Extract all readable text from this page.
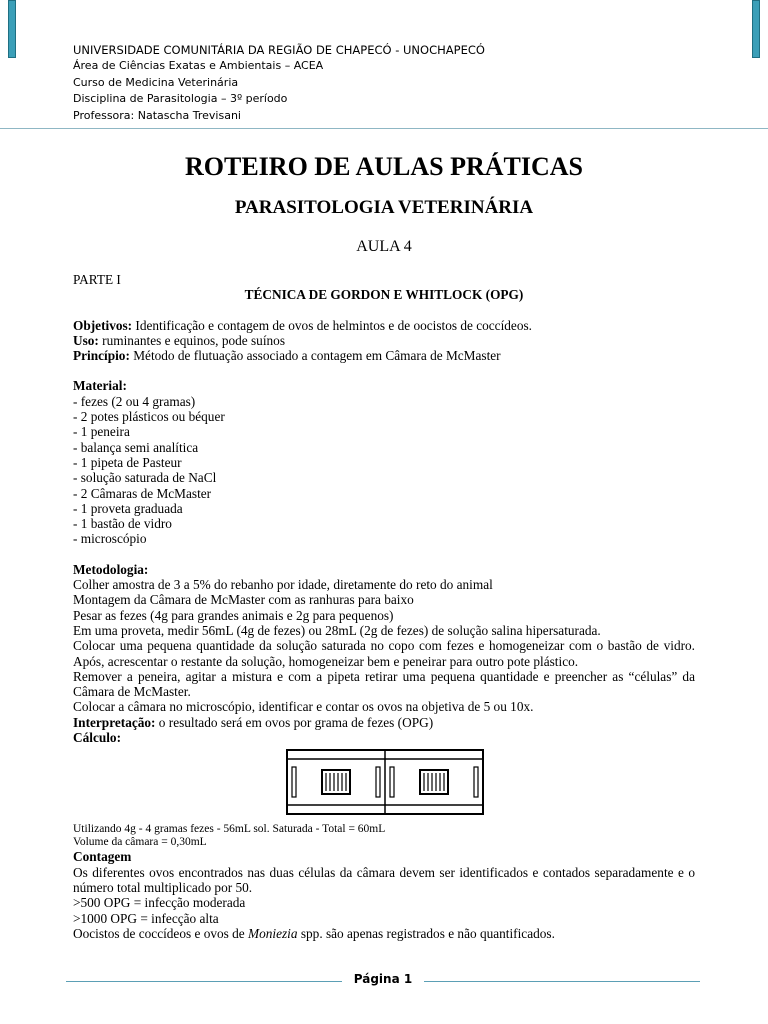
UNIVERSIDADE COMUNITÁRIA DA REGIÃO DE CHAPECÓ - UNOCHAPECÓ
Área de Ciências Exatas e Ambientais – ACEA
Curso de Medicina Veterinária
Disciplina de Parasitologia – 3º período
Professora: Natascha Trevisani
ROTEIRO DE AULAS PRÁTICAS
PARASITOLOGIA VETERINÁRIA
AULA 4

PARTE I

TÉCNICA DE GORDON E WHITLOCK (OPG)

Objetivos: Identificação e contagem de ovos de helmintos e de oocistos de coccídeos.

Uso: ruminantes e equinos, pode suínos

Princípio: Método de flutuação associado a contagem em Câmara de McMaster

Material:

- fezes (2 ou 4 gramas)

- 2 potes plásticos ou béquer

- 1 peneira

- balança semi analítica

- 1 pipeta de Pasteur

- solução saturada de NaCl

- 2 Câmaras de McMaster

- 1 proveta graduada

- 1 bastão de vidro

- microscópio

Metodologia:

Colher amostra de 3 a 5% do rebanho por idade, diretamente do reto do animal

Montagem da Câmara de McMaster com as ranhuras para baixo

Pesar as fezes (4g para grandes animais e 2g para pequenos)

Em uma proveta, medir 56mL (4g de fezes) ou 28mL (2g de fezes) de solução salina hipersaturada.

Colocar uma pequena quantidade da solução saturada no copo com fezes e homogeneizar com o bastão de vidro. Após, acrescentar o restante da solução, homogeneizar bem e peneirar para outro pote plástico.

Remover a peneira, agitar a mistura e com a pipeta retirar uma pequena quantidade e preencher as “células” da Câmara de McMaster.

Colocar a câmara no microscópio, identificar e contar os ovos na objetiva de 5 ou 10x.

Interpretação: o resultado será em ovos por grama de fezes (OPG)

Cálculo:

Utilizando 4g - 4 gramas fezes - 56mL sol. Saturada - Total = 60mL

Volume da câmara = 0,30mL

Contagem

Os diferentes ovos encontrados nas duas células da câmara devem ser identificados e contados separadamente e o número total multiplicado por 50.

>500 OPG = infecção moderada

>1000 OPG = infecção alta

Oocistos de coccídeos e ovos de Moniezia spp. são apenas registrados e não quantificados.

Página 1
